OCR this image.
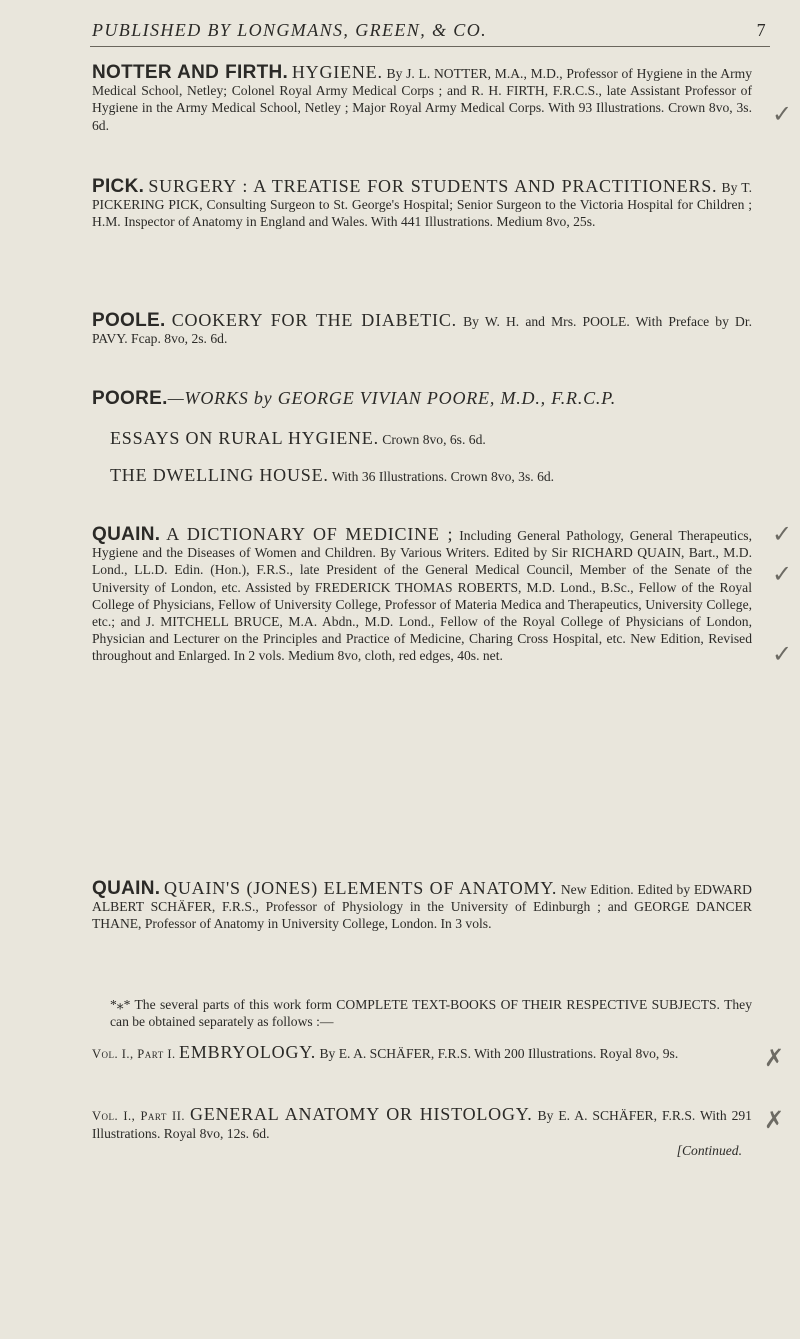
PUBLISHED BY LONGMANS, GREEN, & CO.	7
NOTTER AND FIRTH. HYGIENE. By J. L. NOTTER, M.A., M.D., Professor of Hygiene in the Army Medical School, Netley; Colonel Royal Army Medical Corps ; and R. H. FIRTH, F.R.C.S., late Assistant Professor of Hygiene in the Army Medical School, Netley ; Major Royal Army Medical Corps. With 93 Illustrations. Crown 8vo, 3s. 6d.
PICK. SURGERY : A TREATISE FOR STUDENTS AND PRACTITIONERS. By T. PICKERING PICK, Consulting Surgeon to St. George's Hospital; Senior Surgeon to the Victoria Hospital for Children ; H.M. Inspector of Anatomy in England and Wales. With 441 Illustrations. Medium 8vo, 25s.
POOLE. COOKERY FOR THE DIABETIC. By W. H. and Mrs. POOLE. With Preface by Dr. PAVY. Fcap. 8vo, 2s. 6d.
POORE.—WORKS by GEORGE VIVIAN POORE, M.D., F.R.C.P.
ESSAYS ON RURAL HYGIENE. Crown 8vo, 6s. 6d.
THE DWELLING HOUSE. With 36 Illustrations. Crown 8vo, 3s. 6d.
QUAIN. A DICTIONARY OF MEDICINE ; Including General Pathology, General Therapeutics, Hygiene and the Diseases of Women and Children. By Various Writers. Edited by Sir RICHARD QUAIN, Bart., M.D. Lond., LL.D. Edin. (Hon.), F.R.S., late President of the General Medical Council, Member of the Senate of the University of London, etc. Assisted by FREDERICK THOMAS ROBERTS, M.D. Lond., B.Sc., Fellow of the Royal College of Physicians, Fellow of University College, Professor of Materia Medica and Therapeutics, University College, etc.; and J. MITCHELL BRUCE, M.A. Abdn., M.D. Lond., Fellow of the Royal College of Physicians of London, Physician and Lecturer on the Principles and Practice of Medicine, Charing Cross Hospital, etc. New Edition, Revised throughout and Enlarged. In 2 vols. Medium 8vo, cloth, red edges, 40s. net.
QUAIN. QUAIN'S (JONES) ELEMENTS OF ANATOMY. New Edition. Edited by EDWARD ALBERT SCHÄFER, F.R.S., Professor of Physiology in the University of Edinburgh ; and GEORGE DANCER THANE, Professor of Anatomy in University College, London. In 3 vols.
*⁎* The several parts of this work form COMPLETE TEXT-BOOKS OF THEIR RESPECTIVE SUBJECTS. They can be obtained separately as follows :—
Vol. I., Part I. EMBRYOLOGY. By E. A. SCHÄFER, F.R.S. With 200 Illustrations. Royal 8vo, 9s.
Vol. I., Part II. GENERAL ANATOMY OR HISTOLOGY. By E. A. SCHÄFER, F.R.S. With 291 Illustrations. Royal 8vo, 12s. 6d.
[Continued.
✓
✓
✓
✓
✗
✗
